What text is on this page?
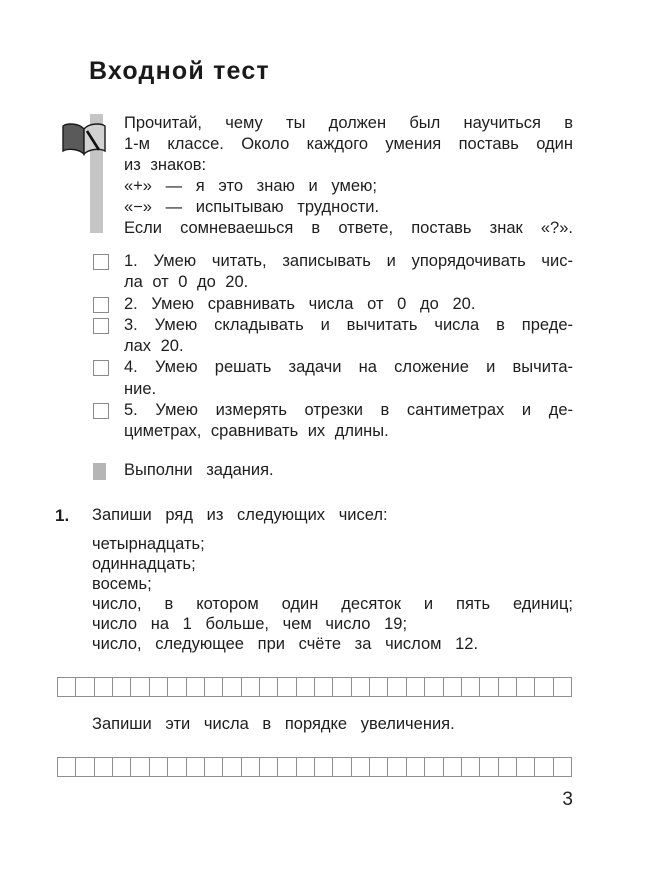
Входной тест
Прочитай, чему ты должен был научиться в
1-м классе. Около каждого умения поставь один
из знаков:
«+» — я это знаю и умею;
«−» — испытываю трудности.
Если сомневаешься в ответе, поставь знак «?».
1. Умею читать, записывать и упорядочивать чис-
ла от 0 до 20.
2. Умею сравнивать числа от 0 до 20.
3. Умею складывать и вычитать числа в преде-
лах 20.
4. Умею решать задачи на сложение и вычита-
ние.
5. Умею измерять отрезки в сантиметрах и де-
циметрах, сравнивать их длины.
Выполни задания.
1. Запиши ряд из следующих чисел:
четырнадцать;
одиннадцать;
восемь;
число, в котором один десяток и пять единиц;
число на 1 больше, чем число 19;
число, следующее при счёте за числом 12.
Запиши эти числа в порядке увеличения.
3
